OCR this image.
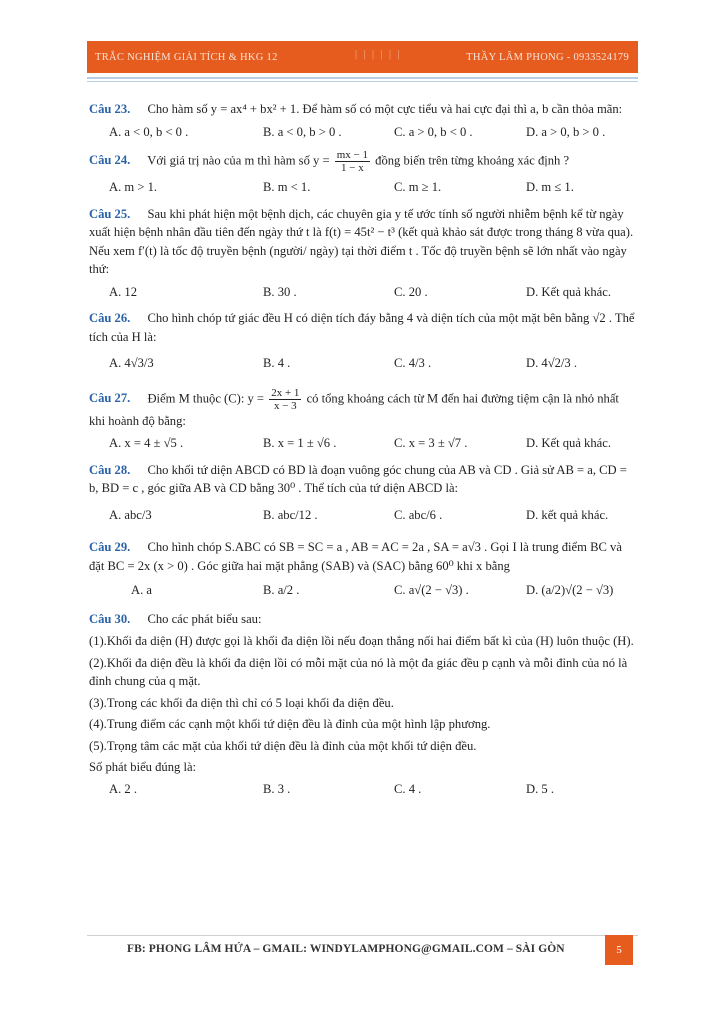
TRẮC NGHIỆM GIẢI TÍCH & HKG 12	| | | | | |	THẦY LÂM PHONG - 0933524179
Câu 23. Cho hàm số y = ax⁴ + bx² + 1. Để hàm số có một cực tiểu và hai cực đại thì a, b cần thỏa mãn:
A. a < 0, b < 0 .	B. a < 0, b > 0 .	C. a > 0, b < 0 .	D. a > 0, b > 0 .
Câu 24. Với giá trị nào của m thì hàm số $y = \frac{mx - 1}{1 - x}$ đồng biến trên từng khoảng xác định ?
A. m > 1.	B. m < 1.	C. m ≥ 1.	D. m ≤ 1.
Câu 25. Sau khi phát hiện một bệnh dịch, các chuyên gia y tế ước tính số người nhiễm bệnh kể từ ngày xuất hiện bệnh nhân đầu tiên đến ngày thứ t là f(t) = 45t² − t³ (kết quả khảo sát được trong tháng 8 vừa qua). Nếu xem f′(t) là tốc độ truyền bệnh (người/ ngày) tại thời điểm t . Tốc độ truyền bệnh sẽ lớn nhất vào ngày thứ:
A. 12	B. 30 .	C. 20 .	D. Kết quả khác.
Câu 26. Cho hình chóp tứ giác đều H có diện tích đáy bằng 4 và diện tích của một mặt bên bằng √2 . Thể tích của H là:
A. 4√3/3	B. 4 .	C. 4/3 .	D. 4√2/3 .
Câu 27. Điểm M thuộc (C): $y = \frac{2x + 1}{x - 3}$ có tổng khoảng cách từ M đến hai đường tiệm cận là nhỏ nhất khi hoành độ bằng:
A. x = 4 ± √5 .	B. x = 1 ± √6 .	C. x = 3 ± √7 .	D. Kết quả khác.
Câu 28. Cho khối tứ diện ABCD có BD là đoạn vuông góc chung của AB và CD . Giả sử AB = a, CD = b, BD = c , góc giữa AB và CD bằng 30⁰ . Thể tích của tứ diện ABCD là:
A. abc/3	B. abc/12 .	C. abc/6 .	D. kết quả khác.
Câu 29. Cho hình chóp S.ABC có SB = SC = a , AB = AC = 2a , SA = a√3 . Gọi I là trung điểm BC và đặt BC = 2x (x > 0) . Góc giữa hai mặt phẳng (SAB) và (SAC) bằng 60⁰ khi x bằng
A. a	B. a/2 .	C. a√(2 − √3) .	D. (a/2)√(2 − √3)
Câu 30. Cho các phát biểu sau:
(1).Khối đa diện (H) được gọi là khối đa diện lồi nếu đoạn thẳng nối hai điểm bất kì của (H) luôn thuộc (H).
(2).Khối đa diện đều là khối đa diện lồi có mỗi mặt của nó là một đa giác đều p cạnh và mỗi đỉnh của nó là đỉnh chung của q mặt.
(3).Trong các khối đa diện thì chỉ có 5 loại khối đa diện đều.
(4).Trung điểm các cạnh một khối tứ diện đều là đỉnh của một hình lập phương.
(5).Trọng tâm các mặt của khối tứ diện đều là đỉnh của một khối tứ diện đều.
Số phát biểu đúng là:
A. 2 .	B. 3 .	C. 4 .	D. 5 .
FB: PHONG LÂM HỨA – GMAIL: WINDYLAMPHONG@GMAIL.COM – SÀI GÒN	5
